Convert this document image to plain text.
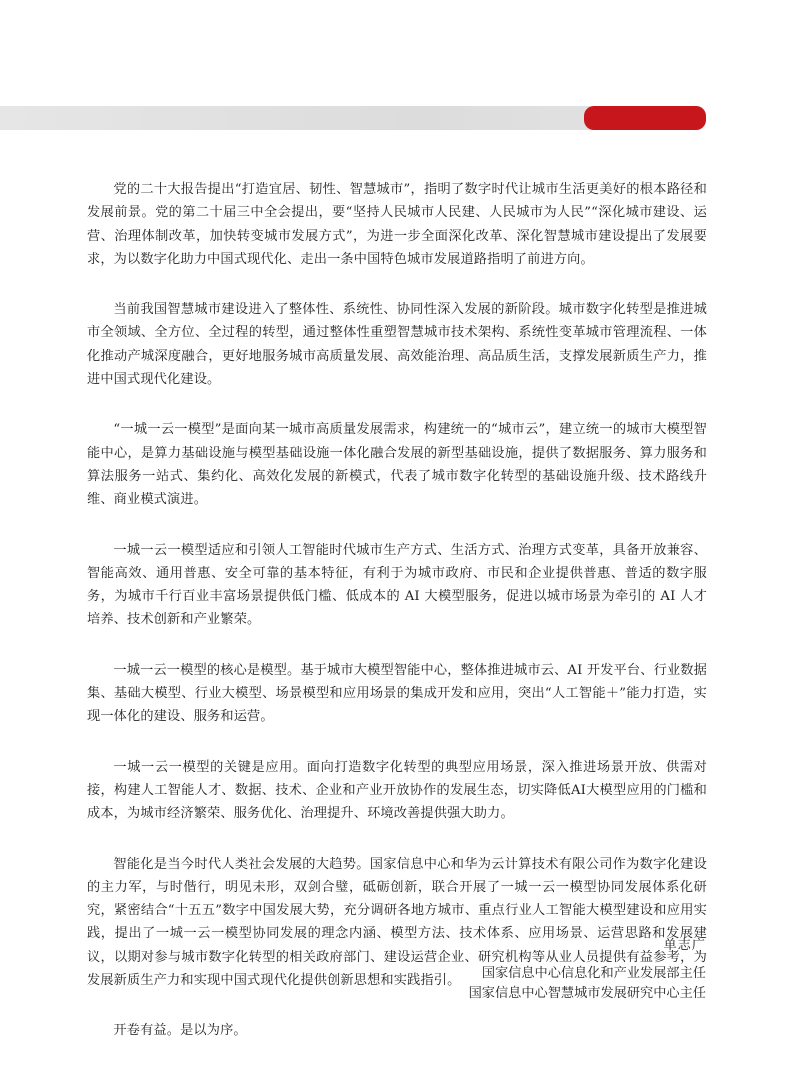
党的二十大报告提出“打造宜居、韧性、智慧城市”，指明了数字时代让城市生活更美好的根本路径和发展前景。党的第二十届三中全会提出，要“坚持人民城市人民建、人民城市为人民”“深化城市建设、运营、治理体制改革，加快转变城市发展方式”，为进一步全面深化改革、深化智慧城市建设提出了发展要求，为以数字化助力中国式现代化、走出一条中国特色城市发展道路指明了前进方向。

当前我国智慧城市建设进入了整体性、系统性、协同性深入发展的新阶段。城市数字化转型是推进城市全领域、全方位、全过程的转型，通过整体性重塑智慧城市技术架构、系统性变革城市管理流程、一体化推动产城深度融合，更好地服务城市高质量发展、高效能治理、高品质生活，支撑发展新质生产力，推进中国式现代化建设。

“一城一云一模型”是面向某一城市高质量发展需求，构建统一的“城市云”，建立统一的城市大模型智能中心，是算力基础设施与模型基础设施一体化融合发展的新型基础设施，提供了数据服务、算力服务和算法服务一站式、集约化、高效化发展的新模式，代表了城市数字化转型的基础设施升级、技术路线升维、商业模式演进。

一城一云一模型适应和引领人工智能时代城市生产方式、生活方式、治理方式变革，具备开放兼容、智能高效、通用普惠、安全可靠的基本特征，有利于为城市政府、市民和企业提供普惠、普适的数字服务，为城市千行百业丰富场景提供低门槛、低成本的 AI 大模型服务，促进以城市场景为牵引的 AI 人才培养、技术创新和产业繁荣。

一城一云一模型的核心是模型。基于城市大模型智能中心，整体推进城市云、AI 开发平台、行业数据集、基础大模型、行业大模型、场景模型和应用场景的集成开发和应用，突出“人工智能＋”能力打造，实现一体化的建设、服务和运营。

一城一云一模型的关键是应用。面向打造数字化转型的典型应用场景，深入推进场景开放、供需对接，构建人工智能人才、数据、技术、企业和产业开放协作的发展生态，切实降低AI大模型应用的门槛和成本，为城市经济繁荣、服务优化、治理提升、环境改善提供强大助力。

智能化是当今时代人类社会发展的大趋势。国家信息中心和华为云计算技术有限公司作为数字化建设的主力军，与时偕行，明见未形，双剑合璧，砥砺创新，联合开展了一城一云一模型协同发展体系化研究，紧密结合“十五五”数字中国发展大势，充分调研各地方城市、重点行业人工智能大模型建设和应用实践，提出了一城一云一模型协同发展的理念内涵、模型方法、技术体系、应用场景、运营思路和发展建议，以期对参与城市数字化转型的相关政府部门、建设运营企业、研究机构等从业人员提供有益参考，为发展新质生产力和实现中国式现代化提供创新思想和实践指引。

开卷有益。是以为序。

单志广
国家信息中心信息化和产业发展部主任
国家信息中心智慧城市发展研究中心主任
